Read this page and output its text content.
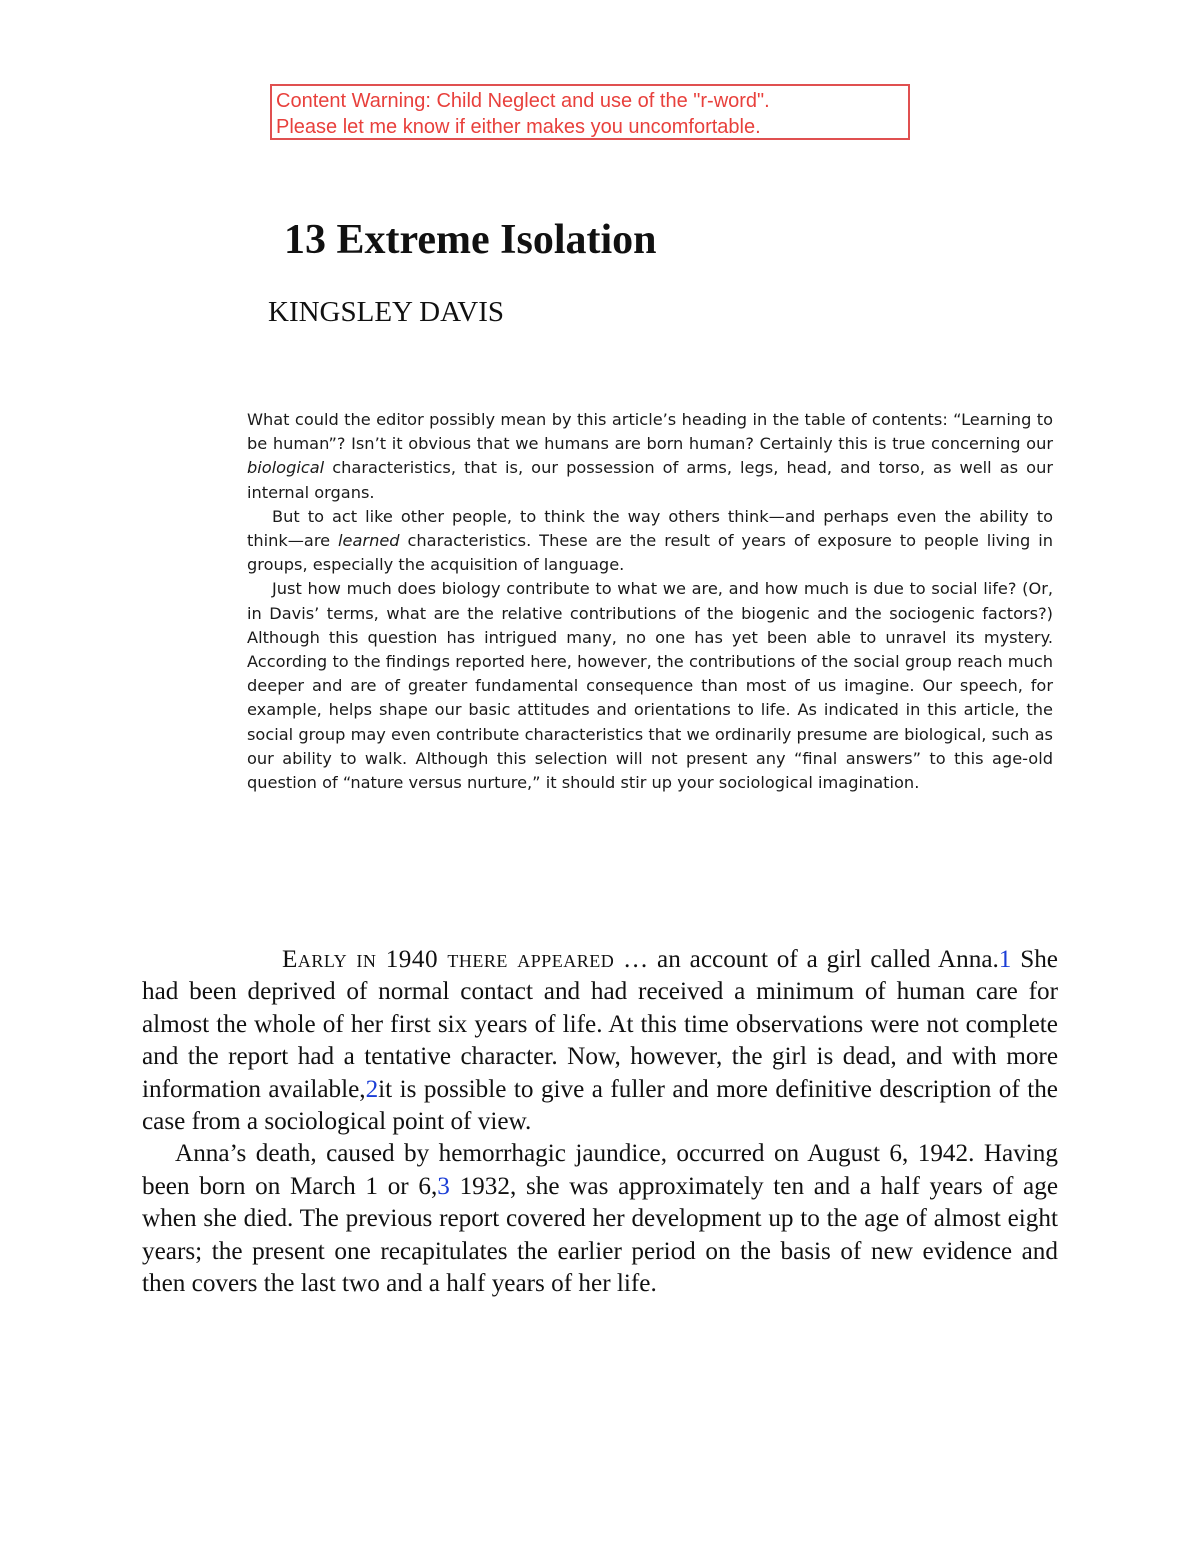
Content Warning: Child Neglect and use of the "r-word".
Please let me know if either makes you uncomfortable.
13 Extreme Isolation
KINGSLEY DAVIS

What could the editor possibly mean by this article’s heading in the table of contents: “Learning to be human”? Isn’t it obvious that we humans are born human? Certainly this is true concerning our biological characteristics, that is, our possession of arms, legs, head, and torso, as well as our internal organs.

But to act like other people, to think the way others think—and perhaps even the ability to think—are learned characteristics. These are the result of years of exposure to people living in groups, especially the acquisition of language.

Just how much does biology contribute to what we are, and how much is due to social life? (Or, in Davis’ terms, what are the relative contributions of the biogenic and the sociogenic factors?) Although this question has intrigued many, no one has yet been able to unravel its mystery. According to the findings reported here, however, the contributions of the social group reach much deeper and are of greater fundamental consequence than most of us imagine. Our speech, for example, helps shape our basic attitudes and orientations to life. As indicated in this article, the social group may even contribute characteristics that we ordinarily presume are biological, such as our ability to walk. Although this selection will not present any “final answers” to this age-old question of “nature versus nurture,” it should stir up your sociological imagination.

Early in 1940 there appeared … an account of a girl called Anna.1 She had been deprived of normal contact and had received a minimum of human care for almost the whole of her first six years of life. At this time observations were not complete and the report had a tentative character. Now, however, the girl is dead, and with more information available,2it is possible to give a fuller and more definitive description of the case from a sociological point of view.

Anna’s death, caused by hemorrhagic jaundice, occurred on August 6, 1942. Having been born on March 1 or 6,3 1932, she was approximately ten and a half years of age when she died. The previous report covered her development up to the age of almost eight years; the present one recapitulates the earlier period on the basis of new evidence and then covers the last two and a half years of her life.
